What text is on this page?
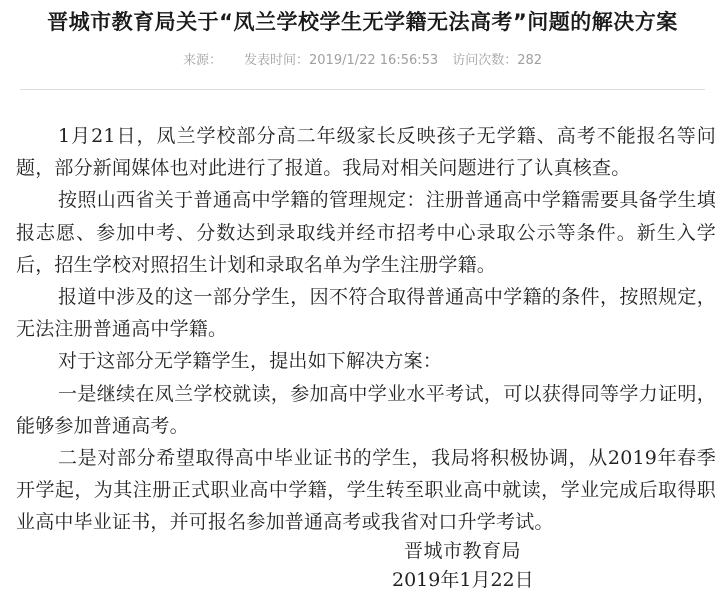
晋城市教育局关于“凤兰学校学生无学籍无法高考”问题的解决方案
来源： 发表时间：2019/1/22 16:56:53 访问次数：282

1月21日，凤兰学校部分高二年级家长反映孩子无学籍、高考不能报名等问题，部分新闻媒体也对此进行了报道。我局对相关问题进行了认真核查。

按照山西省关于普通高中学籍的管理规定：注册普通高中学籍需要具备学生填报志愿、参加中考、分数达到录取线并经市招考中心录取公示等条件。新生入学后，招生学校对照招生计划和录取名单为学生注册学籍。

报道中涉及的这一部分学生，因不符合取得普通高中学籍的条件，按照规定，无法注册普通高中学籍。

对于这部分无学籍学生，提出如下解决方案：

一是继续在凤兰学校就读，参加高中学业水平考试，可以获得同等学力证明，能够参加普通高考。

二是对部分希望取得高中毕业证书的学生，我局将积极协调，从2019年春季开学起，为其注册正式职业高中学籍，学生转至职业高中就读，学业完成后取得职业高中毕业证书，并可报名参加普通高考或我省对口升学考试。

晋城市教育局
2019年1月22日
